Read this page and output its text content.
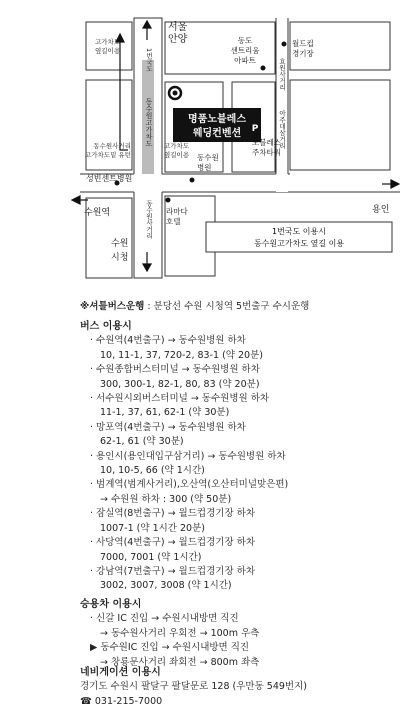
명품노블레스
웨딩컨벤션 P
서울
안양	동도
센트리움
아파트
월드컵
경기장
고가차도
옆길이용	1번국도
동수원고가차도	노블레스
주차타워
효원사거리
아주대삼거리
동수원사거리
고가차도밑 유턴
고가차도
옆길이용 동수원
병원
성빈센트병원
동수원사거리
수원역	용인
라마다
호텔
수원
시청
1번국도 이용시
동수원고가차도 옆길 이용
※셔틀버스운행 : 분당선 수원 시청역 5번출구 수시운행
버스 이용시
· 수원역(4번출구) → 동수원병원 하차
10, 11-1, 37, 720-2, 83-1 (약 20분)
· 수원종합버스터미널 → 동수원병원 하차
300, 300-1, 82-1, 80, 83 (약 20분)
· 서수원시외버스터미널 → 동수원병원 하차
11-1, 37, 61, 62-1 (약 30분)
· 망포역(4번출구) → 동수원병원 하차
62-1, 61 (약 30분)
· 용인시(용인대입구삼거리) → 동수원병원 하차
10, 10-5, 66 (약 1시간)
· 범계역(범계사거리),오산역(오산터미널맞은편)
→ 수원원 하차 : 300 (약 50분)
· 잠실역(8번출구) → 월드컵경기장 하차
1007-1 (약 1시간 20분)
· 사당역(4번출구) → 월드컵경기장 하차
7000, 7001 (약 1시간)
· 강남역(7번출구) → 월드컵경기장 하차
3002, 3007, 3008 (약 1시간)
승용차 이용시
· 신갈 IC 진입 → 수원시내방면 직진
→ 동수원사거리 우회전 → 100m 우측
▶ 동수원IC 진입 → 수원시내방면 직진
→ 창룡문사거리 좌회전 → 800m 좌측
네비게이션 이용시
경기도 수원시 팔달구 팔달문로 128 (우만동 549번지)
☎ 031-215-7000
